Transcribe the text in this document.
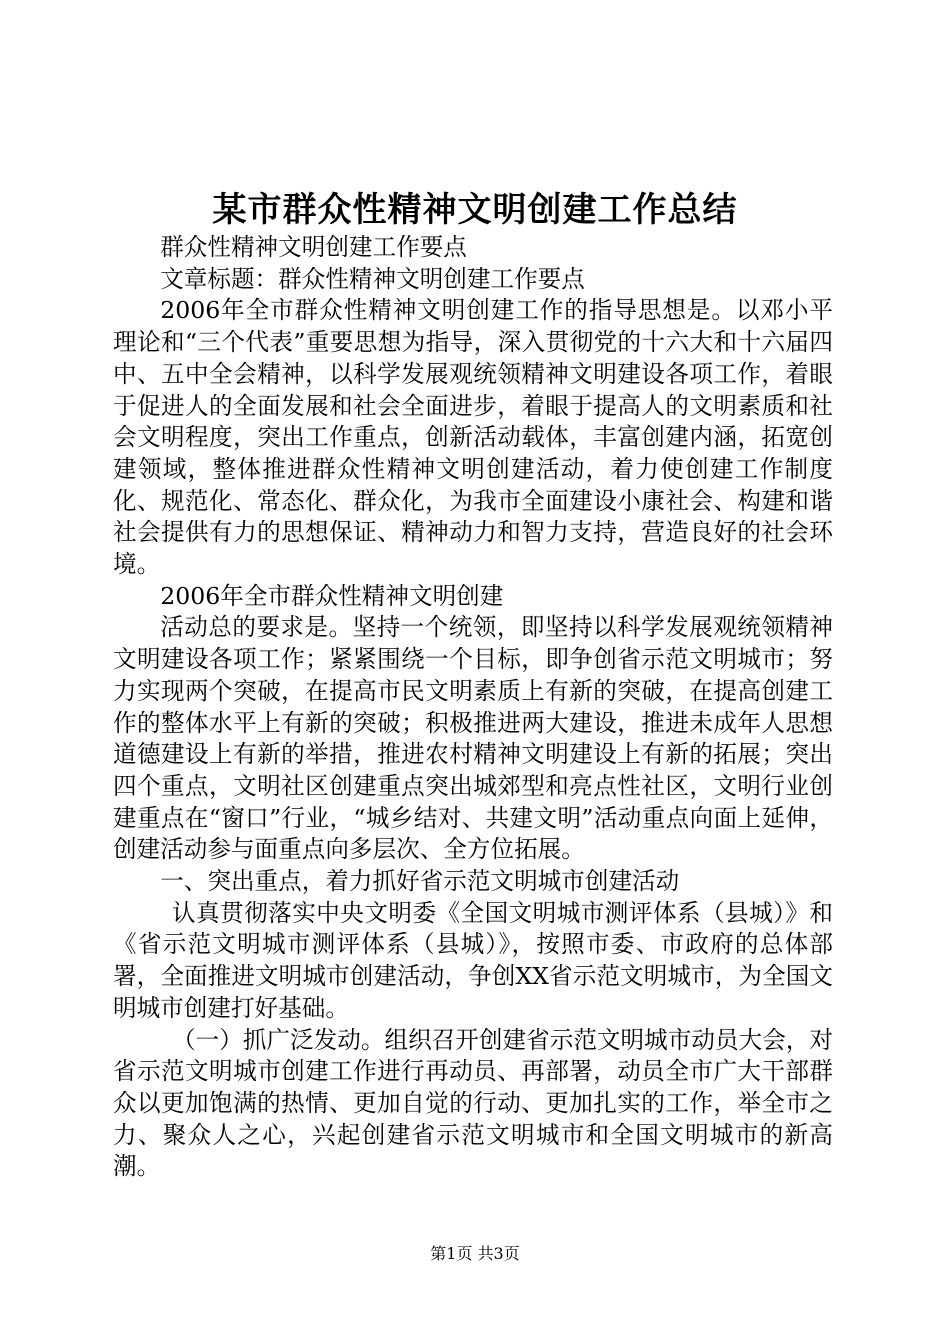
某市群众性精神文明创建工作总结

群众性精神文明创建工作要点

文章标题：群众性精神文明创建工作要点

2006年全市群众性精神文明创建工作的指导思想是。以邓小平理论和“三个代表”重要思想为指导，深入贯彻党的十六大和十六届四中、五中全会精神，以科学发展观统领精神文明建设各项工作，着眼于促进人的全面发展和社会全面进步，着眼于提高人的文明素质和社会文明程度，突出工作重点，创新活动载体，丰富创建内涵，拓宽创建领域，整体推进群众性精神文明创建活动，着力使创建工作制度化、规范化、常态化、群众化，为我市全面建设小康社会、构建和谐社会提供有力的思想保证、精神动力和智力支持，营造良好的社会环境。

2006年全市群众性精神文明创建

活动总的要求是。坚持一个统领，即坚持以科学发展观统领精神文明建设各项工作；紧紧围绕一个目标，即争创省示范文明城市；努力实现两个突破，在提高市民文明素质上有新的突破，在提高创建工作的整体水平上有新的突破；积极推进两大建设，推进未成年人思想道德建设上有新的举措，推进农村精神文明建设上有新的拓展；突出四个重点，文明社区创建重点突出城郊型和亮点性社区，文明行业创建重点在“窗口”行业，“城乡结对、共建文明”活动重点向面上延伸，创建活动参与面重点向多层次、全方位拓展。

一、突出重点，着力抓好省示范文明城市创建活动

认真贯彻落实中央文明委《全国文明城市测评体系（县城）》和《省示范文明城市测评体系（县城）》，按照市委、市政府的总体部署，全面推进文明城市创建活动，争创XX省示范文明城市，为全国文明城市创建打好基础。

（一）抓广泛发动。组织召开创建省示范文明城市动员大会，对省示范文明城市创建工作进行再动员、再部署，动员全市广大干部群众以更加饱满的热情、更加自觉的行动、更加扎实的工作，举全市之力、聚众人之心，兴起创建省示范文明城市和全国文明城市的新高潮。

第1页 共3页
